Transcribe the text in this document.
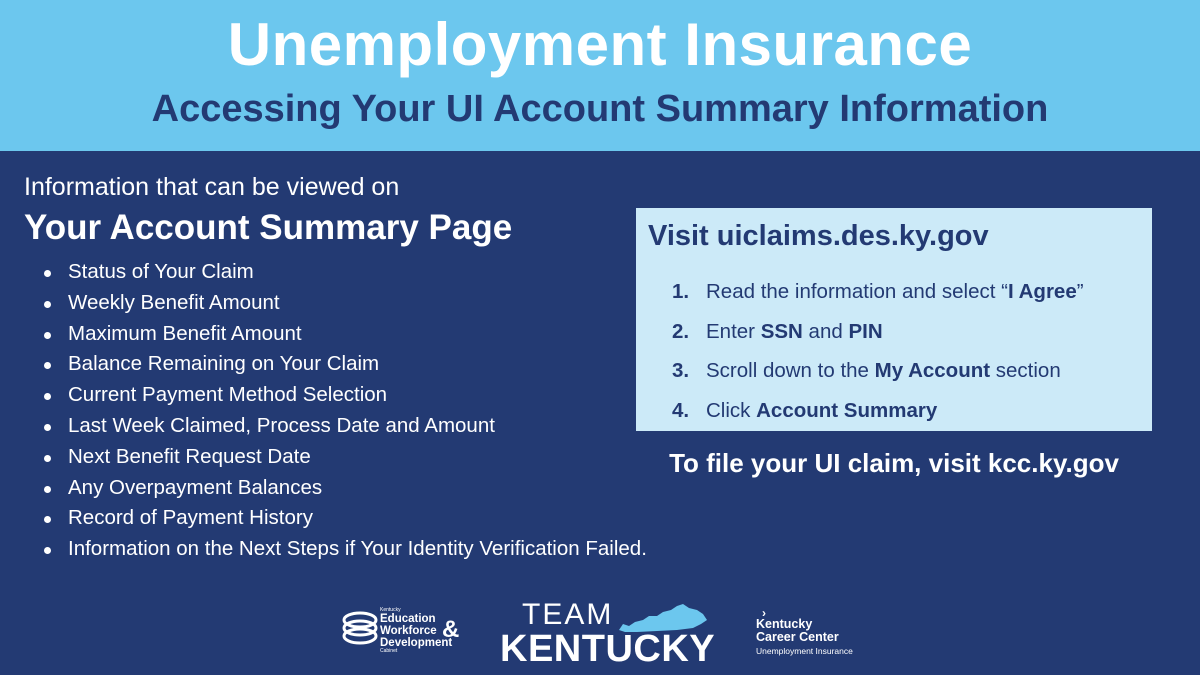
Unemployment Insurance
Accessing Your UI Account Summary Information
Information that can be viewed on
Your Account Summary Page
Status of Your Claim
Weekly Benefit Amount
Maximum Benefit Amount
Balance Remaining on Your Claim
Current Payment Method Selection
Last Week Claimed, Process Date and Amount
Next Benefit Request Date
Any Overpayment Balances
Record of Payment History
Information on the Next Steps if Your Identity Verification Failed.
Visit uiclaims.des.ky.gov
1. Read the information and select “I Agree”
2. Enter SSN and PIN
3. Scroll down to the My Account section
4. Click Account Summary
To file your UI claim, visit kcc.ky.gov
Kentucky
Education
Workforce
Development
Cabinet
& TEAM
KENTUCKY
›
Kentucky
Career Center
Unemployment Insurance
